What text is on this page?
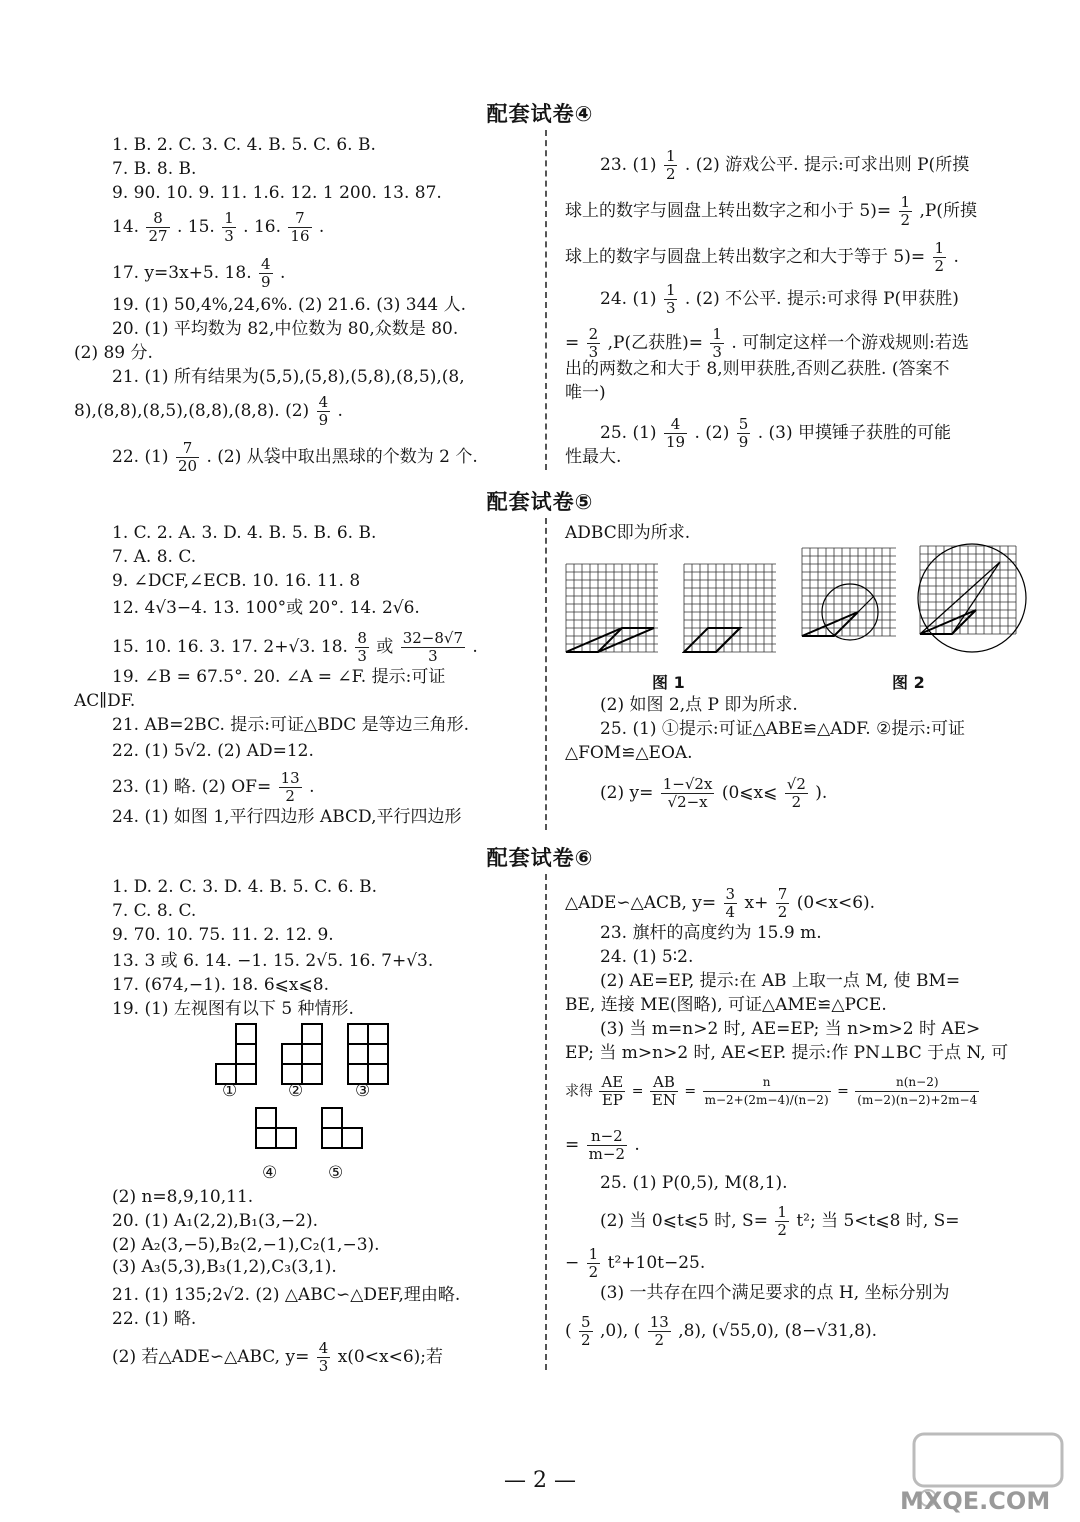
配套试卷④
1. B. 2. C. 3. C. 4. B. 5. C. 6. B.
7. B. 8. B.
9. 90. 10. 9. 11. 1.6. 12. 1 200. 13. 87.
14. $\frac{8}{27}$ . 15. $\frac{1}{3}$ . 16. $\frac{7}{16}$ .
17. y=3x+5. 18. $\frac{4}{9}$ .
19. (1) 50,4%,24,6%. (2) 21.6. (3) 344 人.
20. (1) 平均数为 82,中位数为 80,众数是 80.
(2) 89 分.
21. (1) 所有结果为(5,5),(5,8),(5,8),(8,5),(8,
8),(8,8),(8,5),(8,8),(8,8). $(2) \frac{4}{9}$ .
22. $(1) \frac{7}{20}$ . (2) 从袋中取出黑球的个数为 2 个.
23. $(1) \frac{1}{2}$ . (2) 游戏公平. 提示:可求出则 P(所摸
球上的数字与圆盘上转出数字之和小于 $5)= \frac{1}{2} ,P$(所摸
球上的数字与圆盘上转出数字之和大于等于 $5)= \frac{1}{2}$ .
24. $(1) \frac{1}{3}$ . (2) 不公平. 提示:可求得 P(甲获胜)
= $\frac{2}{3} ,P$(乙获胜)= $\frac{1}{3}$ . 可制定这样一个游戏规则:若选
出的两数之和大于 8,则甲获胜,否则乙获胜. (答案不
唯一)
25. $(1) \frac{4}{19}$ . $(2) \frac{5}{9}$ . (3) 甲摸锤子获胜的可能
性最大.
配套试卷⑤
1. C. 2. A. 3. D. 4. B. 5. B. 6. B.
7. A. 8. C.
9. ∠DCF,∠ECB. 10. 16. 11. 8
12. 4√3−4. 13. 100°或 20°. 14. 2√6.
15. 10. 16. 3. 17. 2+√3. 18. $\frac{8}{3}$ 或 $\frac{32-8√7}{3}$ .
19. ∠B = 67.5°. 20. ∠A = ∠F. 提示:可证
AC∥DF.
21. AB=2BC. 提示:可证△BDC 是等边三角形.
22. (1) 5√2. (2) AD=12.
23. (1) 略. (2) $OF= \frac{13}{2}$ .
24. (1) 如图 1,平行四边形 ABCD,平行四边形
ADBC即为所求.
图 1	图 2
(2) 如图 2,点 P 即为所求.
25. (1) ①提示:可证△ABE≌△ADF. ②提示:可证
△FOM≌△EOA.
(2) $y= \frac{1-√2x}{√2-x}$ (0⩽x⩽ $\frac{√2}{2}$ ).
配套试卷⑥
1. D. 2. C. 3. D. 4. B. 5. C. 6. B.
7. C. 8. C.
9. 70. 10. 75. 11. 2. 12. 9.
13. 3 或 6. 14. −1. 15. 2√5. 16. 7+√3.
17. (674,−1). 18. 6⩽x⩽8.
19. (1) 左视图有以下 5 种情形.
①	②	③
④	⑤
(2) n=8,9,10,11.
20. (1) A₁(2,2),B₁(3,−2).
(2) A₂(3,−5),B₂(2,−1),C₂(1,−3).
(3) A₃(5,3),B₃(1,2),C₃(3,1).
21. (1) 135;2√2. (2) △ABC∽△DEF,理由略.
22. (1) 略.
(2) 若△ADE∽△ABC, $y= \frac{4}{3} x(0<x<6)$;若
△ADE∽△ACB, $y= \frac{3}{4} x+ \frac{7}{2} (0<x<6)$.
23. 旗杆的高度约为 15.9 m.
24. (1) 5∶2.
(2) AE=EP, 提示:在 AB 上取一点 M, 使 BM=
BE, 连接 ME(图略), 可证△AME≌△PCE.
(3) 当 m=n>2 时, AE=EP; 当 n>m>2 时 AE>
EP; 当 m>n>2 时, AE<EP. 提示:作 PN⊥BC 于点 N, 可
求得 $\frac{AE}{EP} = \frac{AB}{EN} = \frac{n}{m-2+(2m-4)/(n-2)} = \frac{n(n-2)}{(m-2)(n-2)+2m-4}$
= $\frac{n-2}{m-2}$ .
25. (1) P(0,5), M(8,1).
(2) 当 0⩽t⩽5 时, $S= \frac{1}{2} t^2$; 当 5<t⩽8 时, S=
− $\frac{1}{2} t^2+10t-25$.
(3) 一共存在四个满足要求的点 H, 坐标分别为
( $\frac{5}{2} ,0$), ( $\frac{13}{2} ,8$), (√55,0), (8−√31,8).
— 2 —
MXQE.COM
